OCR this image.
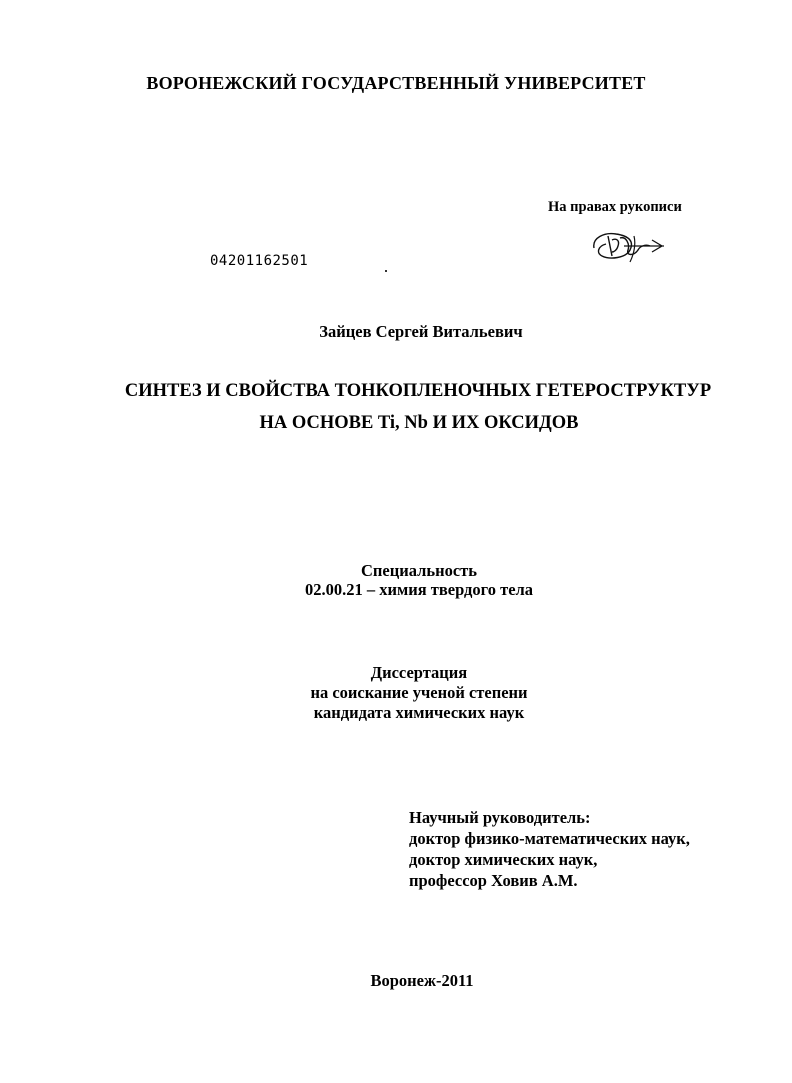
ВОРОНЕЖСКИЙ ГОСУДАРСТВЕННЫЙ УНИВЕРСИТЕТ
На правах рукописи
04201162501
Зайцев Сергей Витальевич
СИНТЕЗ И СВОЙСТВА ТОНКОПЛЕНОЧНЫХ ГЕТЕРОСТРУКТУР
НА ОСНОВЕ Ti, Nb И ИХ ОКСИДОВ
Специальность
02.00.21 – химия твердого тела
Диссертация
на соискание ученой степени
кандидата химических наук
Научный руководитель:
доктор физико-математических наук,
доктор химических наук,
профессор Ховив А.М.
Воронеж-2011
